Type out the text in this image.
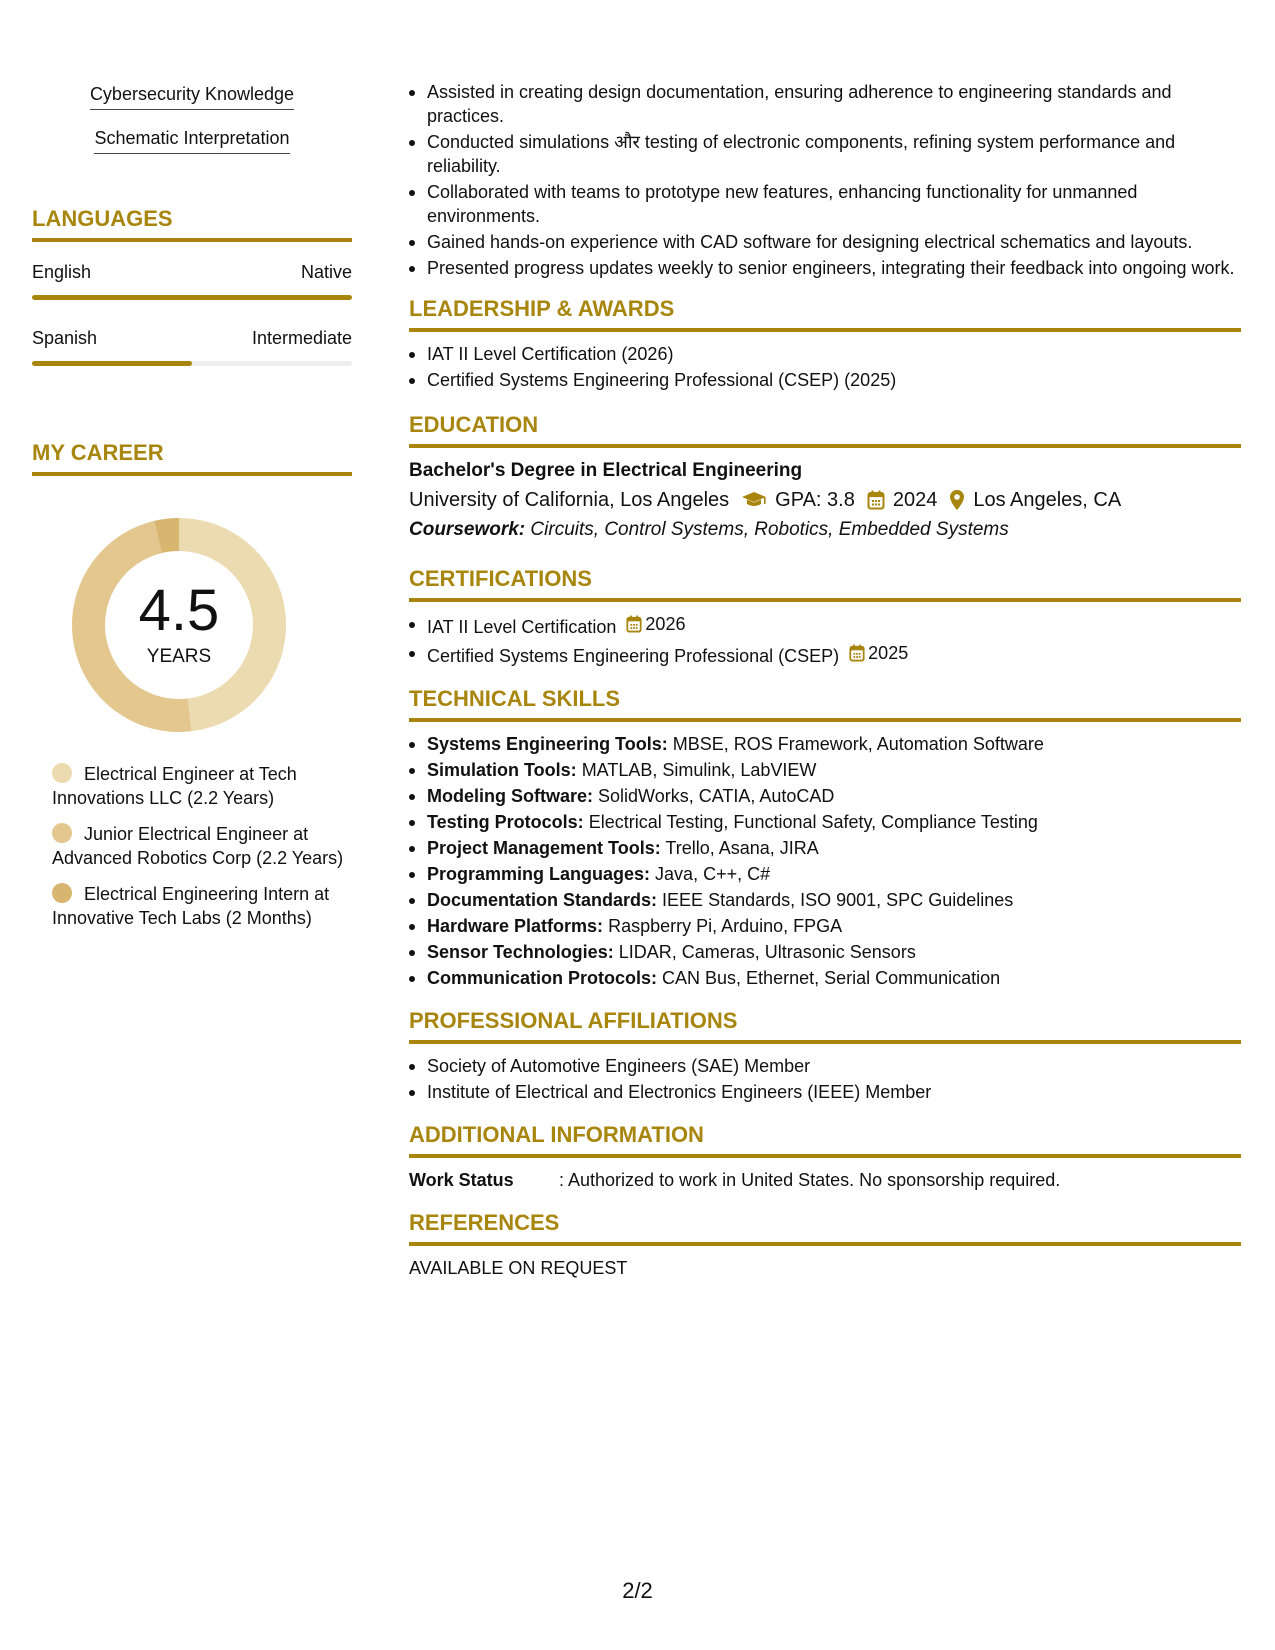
Cybersecurity Knowledge
Schematic Interpretation
LANGUAGES
English	Native
Spanish	Intermediate
MY CAREER
4.5
YEARS
Electrical Engineer at Tech Innovations LLC (2.2 Years)
Junior Electrical Engineer at Advanced Robotics Corp (2.2 Years)
Electrical Engineering Intern at Innovative Tech Labs (2 Months)
Assisted in creating design documentation, ensuring adherence to engineering standards and practices.
Conducted simulations और testing of electronic components, refining system performance and reliability.
Collaborated with teams to prototype new features, enhancing functionality for unmanned environments.
Gained hands-on experience with CAD software for designing electrical schematics and layouts.
Presented progress updates weekly to senior engineers, integrating their feedback into ongoing work.
LEADERSHIP & AWARDS
IAT II Level Certification (2026)
Certified Systems Engineering Professional (CSEP) (2025)
EDUCATION
Bachelor's Degree in Electrical Engineering
University of California, Los Angeles GPA: 3.8 2024 Los Angeles, CA
Coursework: Circuits, Control Systems, Robotics, Embedded Systems
CERTIFICATIONS
IAT II Level Certification 2026
Certified Systems Engineering Professional (CSEP) 2025
TECHNICAL SKILLS
Systems Engineering Tools: MBSE, ROS Framework, Automation Software
Simulation Tools: MATLAB, Simulink, LabVIEW
Modeling Software: SolidWorks, CATIA, AutoCAD
Testing Protocols: Electrical Testing, Functional Safety, Compliance Testing
Project Management Tools: Trello, Asana, JIRA
Programming Languages: Java, C++, C#
Documentation Standards: IEEE Standards, ISO 9001, SPC Guidelines
Hardware Platforms: Raspberry Pi, Arduino, FPGA
Sensor Technologies: LIDAR, Cameras, Ultrasonic Sensors
Communication Protocols: CAN Bus, Ethernet, Serial Communication
PROFESSIONAL AFFILIATIONS
Society of Automotive Engineers (SAE) Member
Institute of Electrical and Electronics Engineers (IEEE) Member
ADDITIONAL INFORMATION
Work Status	: Authorized to work in United States. No sponsorship required.
REFERENCES
AVAILABLE ON REQUEST
2/2
